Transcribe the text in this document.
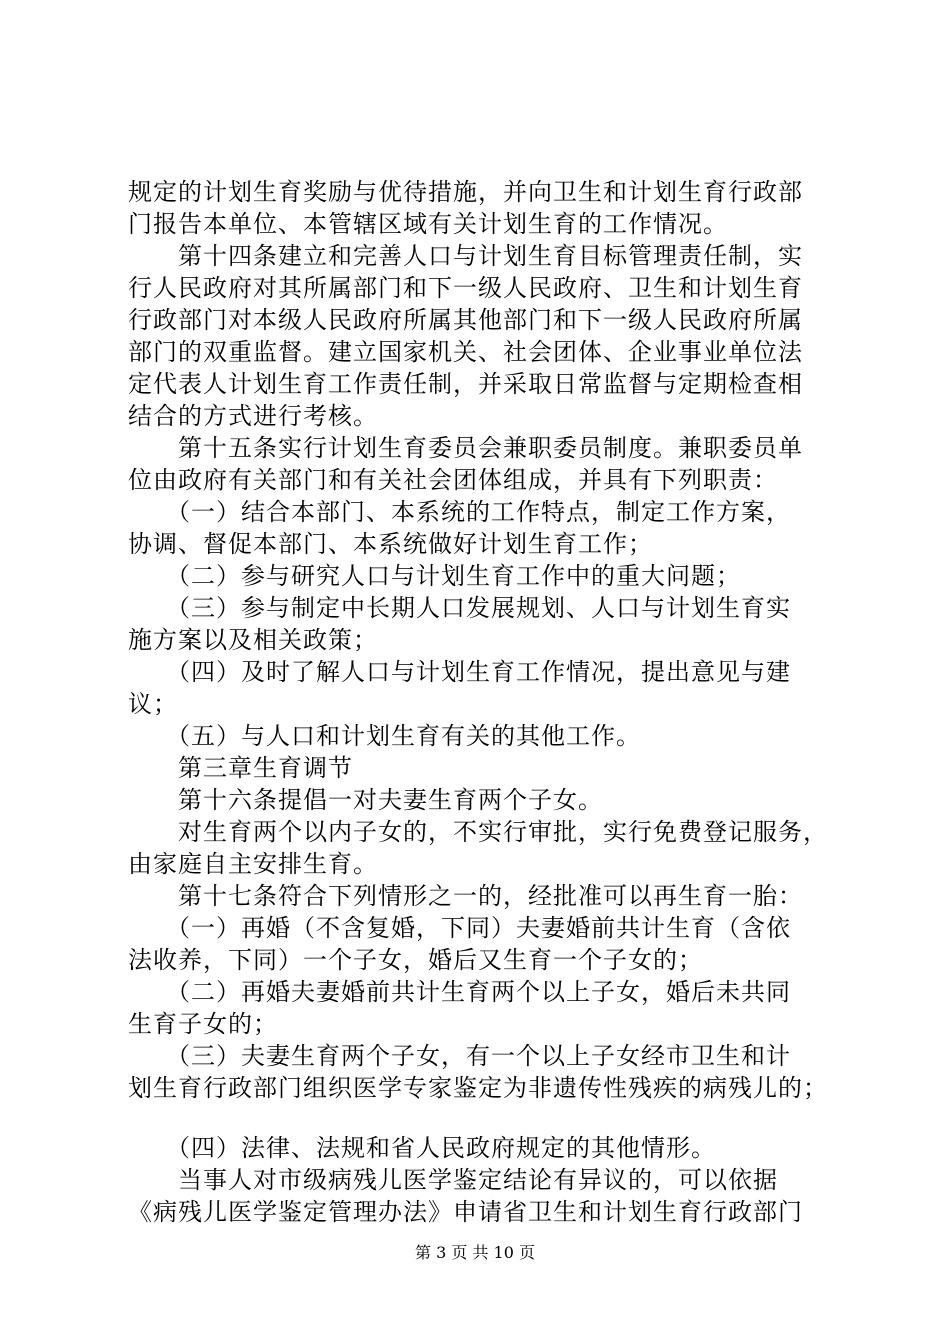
规定的计划生育奖励与优待措施，并向卫生和计划生育行政部
门报告本单位、本管辖区域有关计划生育的工作情况。
　　第十四条建立和完善人口与计划生育目标管理责任制，实
行人民政府对其所属部门和下一级人民政府、卫生和计划生育
行政部门对本级人民政府所属其他部门和下一级人民政府所属
部门的双重监督。建立国家机关、社会团体、企业事业单位法
定代表人计划生育工作责任制，并采取日常监督与定期检查相
结合的方式进行考核。
　　第十五条实行计划生育委员会兼职委员制度。兼职委员单
位由政府有关部门和有关社会团体组成，并具有下列职责：
　　（一）结合本部门、本系统的工作特点，制定工作方案，
协调、督促本部门、本系统做好计划生育工作；
　　（二）参与研究人口与计划生育工作中的重大问题；
　　（三）参与制定中长期人口发展规划、人口与计划生育实
施方案以及相关政策；
　　（四）及时了解人口与计划生育工作情况，提出意见与建
议；
　　（五）与人口和计划生育有关的其他工作。
　　第三章生育调节
　　第十六条提倡一对夫妻生育两个子女。
　　对生育两个以内子女的，不实行审批，实行免费登记服务，
由家庭自主安排生育。
　　第十七条符合下列情形之一的，经批准可以再生育一胎：
　　（一）再婚（不含复婚，下同）夫妻婚前共计生育（含依
法收养，下同）一个子女，婚后又生育一个子女的；
　　（二）再婚夫妻婚前共计生育两个以上子女，婚后未共同
生育子女的；
　　（三）夫妻生育两个子女，有一个以上子女经市卫生和计
划生育行政部门组织医学专家鉴定为非遗传性残疾的病残儿的；
　　（四）法律、法规和省人民政府规定的其他情形。
　　当事人对市级病残儿医学鉴定结论有异议的，可以依据
《病残儿医学鉴定管理办法》申请省卫生和计划生育行政部门
第 3 页 共 10 页
